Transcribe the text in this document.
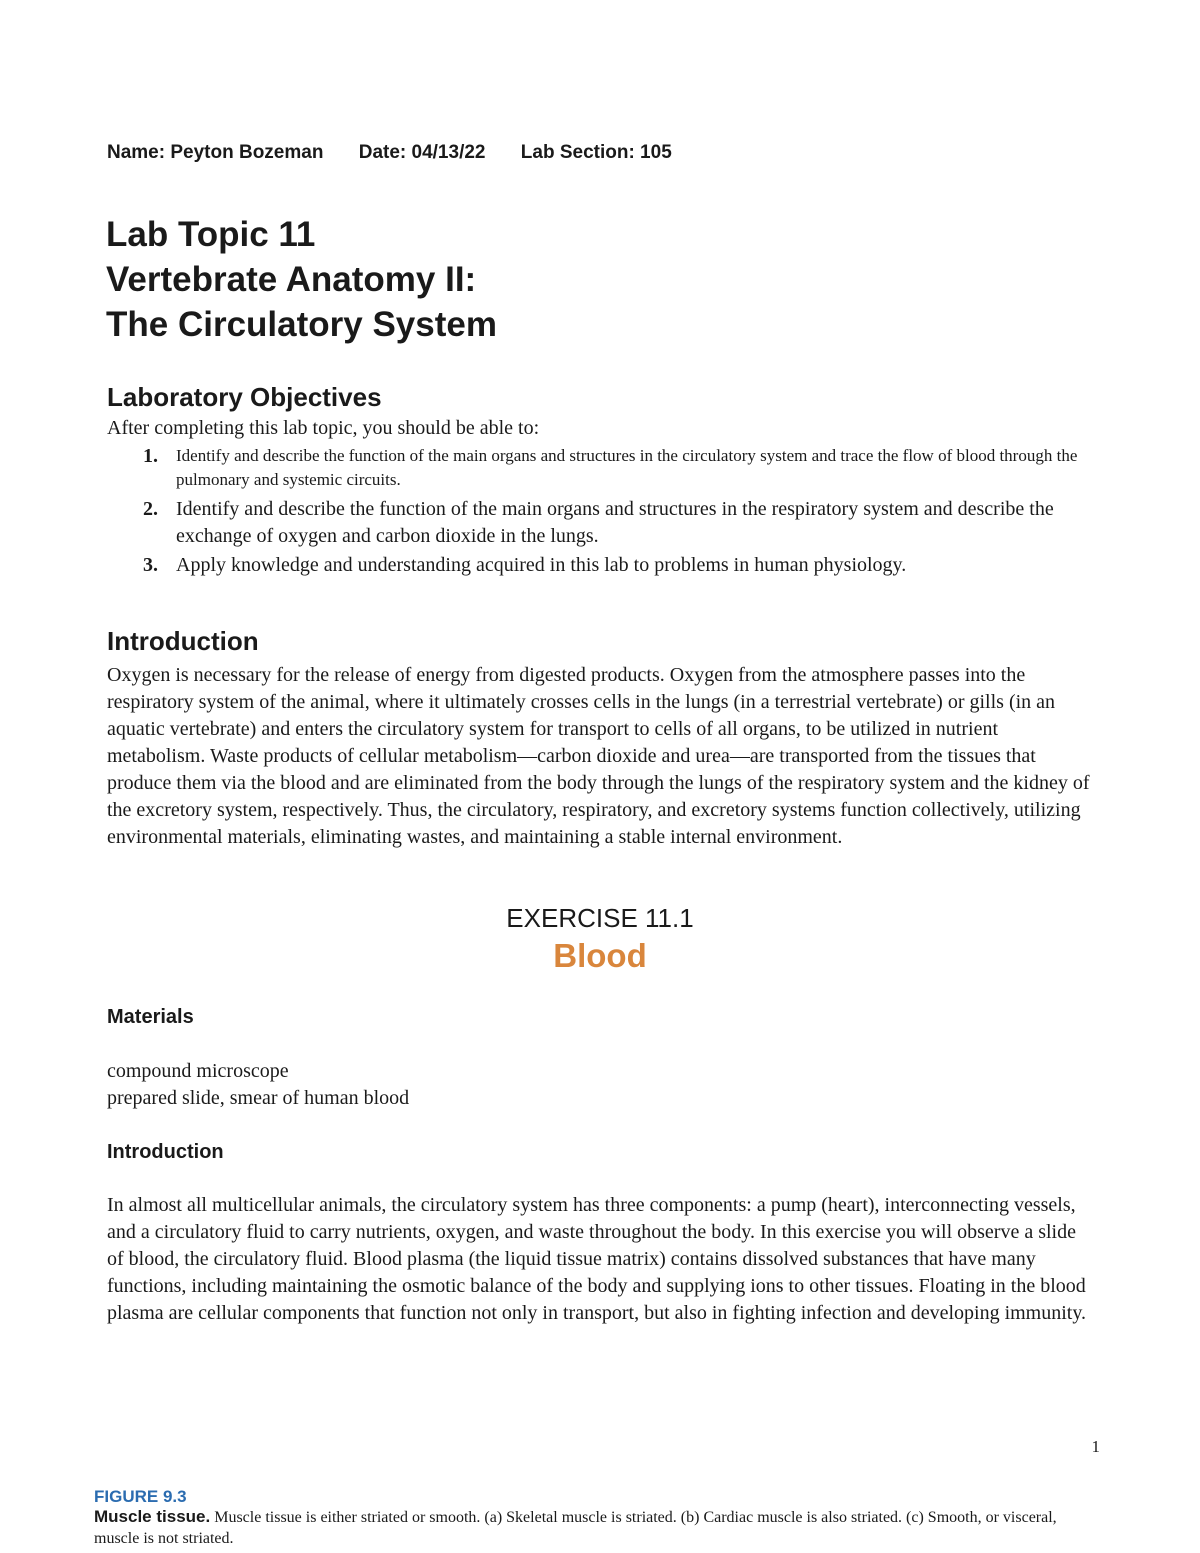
Name: Peyton Bozeman Date: 04/13/22 Lab Section: 105
Lab Topic 11
Vertebrate Anatomy II:
The Circulatory System
Laboratory Objectives
After completing this lab topic, you should be able to:
1. Identify and describe the function of the main organs and structures in the circulatory system and trace the flow of blood through the pulmonary and systemic circuits.
2. Identify and describe the function of the main organs and structures in the respiratory system and describe the exchange of oxygen and carbon dioxide in the lungs.
3. Apply knowledge and understanding acquired in this lab to problems in human physiology.
Introduction
Oxygen is necessary for the release of energy from digested products. Oxygen from the atmosphere passes into the respiratory system of the animal, where it ultimately crosses cells in the lungs (in a terrestrial vertebrate) or gills (in an aquatic vertebrate) and enters the circulatory system for transport to cells of all organs, to be utilized in nutrient metabolism. Waste products of cellular metabolism—carbon dioxide and urea—are transported from the tissues that produce them via the blood and are eliminated from the body through the lungs of the respiratory system and the kidney of the excretory system, respectively. Thus, the circulatory, respiratory, and excretory systems function collectively, utilizing environmental materials, eliminating wastes, and maintaining a stable internal environment.
EXERCISE 11.1
Blood
Materials
compound microscope
prepared slide, smear of human blood
Introduction
In almost all multicellular animals, the circulatory system has three components: a pump (heart), interconnecting vessels, and a circulatory fluid to carry nutrients, oxygen, and waste throughout the body. In this exercise you will observe a slide of blood, the circulatory fluid. Blood plasma (the liquid tissue matrix) contains dissolved substances that have many functions, including maintaining the osmotic balance of the body and supplying ions to other tissues. Floating in the blood plasma are cellular components that function not only in transport, but also in fighting infection and developing immunity.
1
FIGURE 9.3
Muscle tissue. Muscle tissue is either striated or smooth. (a) Skeletal muscle is striated. (b) Cardiac muscle is also striated. (c) Smooth, or visceral, muscle is not striated.
